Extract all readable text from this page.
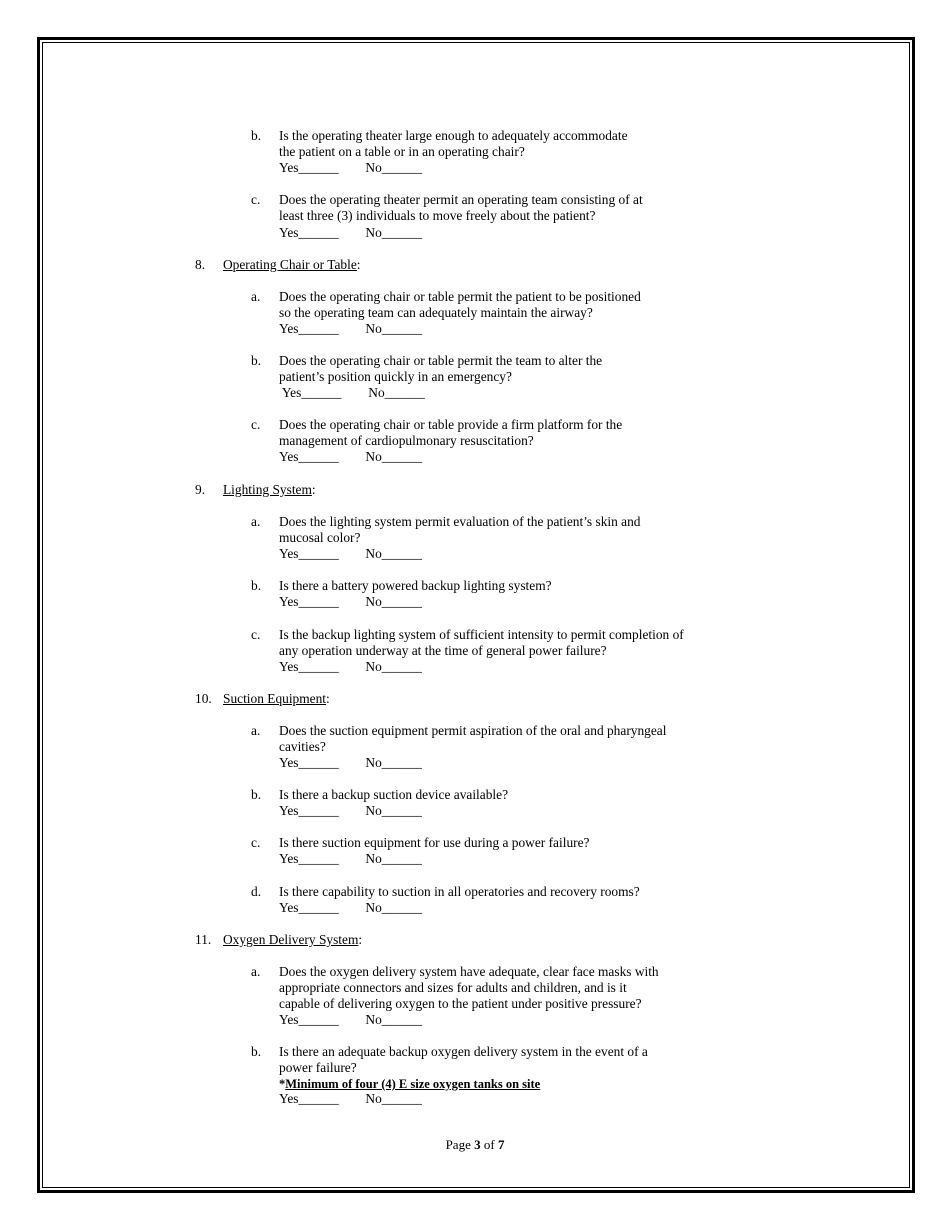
b. Is the operating theater large enough to adequately accommodate
the patient on a table or in an operating chair?
Yes______        No______
c. Does the operating theater permit an operating team consisting of at
least three (3) individuals to move freely about the patient?
Yes______        No______
8. Operating Chair or Table:
a. Does the operating chair or table permit the patient to be positioned
so the operating team can adequately maintain the airway?
Yes______        No______
b. Does the operating chair or table permit the team to alter the
patient’s position quickly in an emergency?
Yes______        No______
c. Does the operating chair or table provide a firm platform for the
management of cardiopulmonary resuscitation?
Yes______        No______
9. Lighting System:
a. Does the lighting system permit evaluation of the patient’s skin and
mucosal color?
Yes______        No______
b. Is there a battery powered backup lighting system?
Yes______        No______
c. Is the backup lighting system of sufficient intensity to permit completion of
any operation underway at the time of general power failure?
Yes______        No______
10. Suction Equipment:
a. Does the suction equipment permit aspiration of the oral and pharyngeal
cavities?
Yes______        No______
b. Is there a backup suction device available?
Yes______        No______
c. Is there suction equipment for use during a power failure?
Yes______        No______
d. Is there capability to suction in all operatories and recovery rooms?
Yes______        No______
11. Oxygen Delivery System:
a. Does the oxygen delivery system have adequate, clear face masks with
appropriate connectors and sizes for adults and children, and is it
capable of delivering oxygen to the patient under positive pressure?
Yes______        No______
b. Is there an adequate backup oxygen delivery system in the event of a
power failure?
*Minimum of four (4) E size oxygen tanks on site
Yes______        No______
Page 3 of 7
